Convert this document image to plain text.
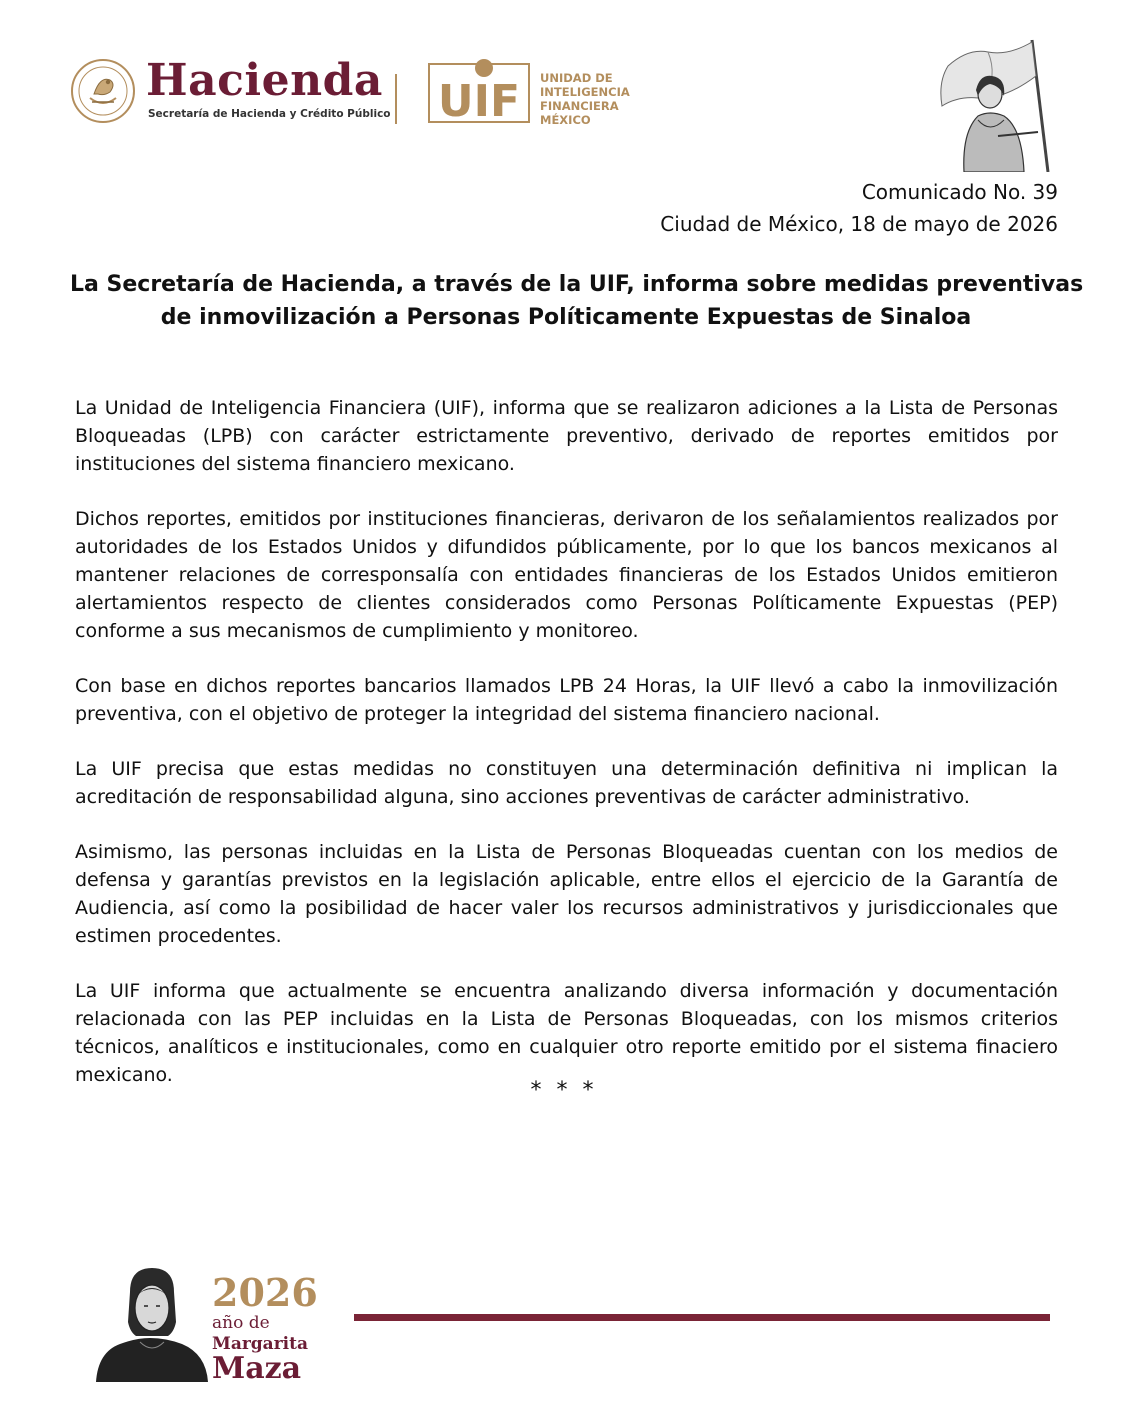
Hacienda
Secretaría de Hacienda y Crédito Público UIF UNIDAD DE
INTELIGENCIA
FINANCIERA
MÉXICO
Comunicado No. 39
Ciudad de México, 18 de mayo de 2026
La Secretaría de Hacienda, a través de la UIF, informa sobre medidas preventivas
de inmovilización a Personas Políticamente Expuestas de Sinaloa

La Unidad de Inteligencia Financiera (UIF), informa que se realizaron adiciones a la Lista de Personas Bloqueadas (LPB) con carácter estrictamente preventivo, derivado de reportes emitidos por instituciones del sistema financiero mexicano.

Dichos reportes, emitidos por instituciones financieras, derivaron de los señalamientos realizados por autoridades de los Estados Unidos y difundidos públicamente, por lo que los bancos mexicanos al mantener relaciones de corresponsalía con entidades financieras de los Estados Unidos emitieron alertamientos respecto de clientes considerados como Personas Políticamente Expuestas (PEP) conforme a sus mecanismos de cumplimiento y monitoreo.

Con base en dichos reportes bancarios llamados LPB 24 Horas, la UIF llevó a cabo la inmovilización preventiva, con el objetivo de proteger la integridad del sistema financiero nacional.

La UIF precisa que estas medidas no constituyen una determinación definitiva ni implican la acreditación de responsabilidad alguna, sino acciones preventivas de carácter administrativo.

Asimismo, las personas incluidas en la Lista de Personas Bloqueadas cuentan con los medios de defensa y garantías previstos en la legislación aplicable, entre ellos el ejercicio de la Garantía de Audiencia, así como la posibilidad de hacer valer los recursos administrativos y jurisdiccionales que estimen procedentes.

La UIF informa que actualmente se encuentra analizando diversa información y documentación relacionada con las PEP incluidas en la Lista de Personas Bloqueadas, con los mismos criterios técnicos, analíticos e institucionales, como en cualquier otro reporte emitido por el sistema finaciero mexicano.

* * *
2026
año de
Margarita
Maza
